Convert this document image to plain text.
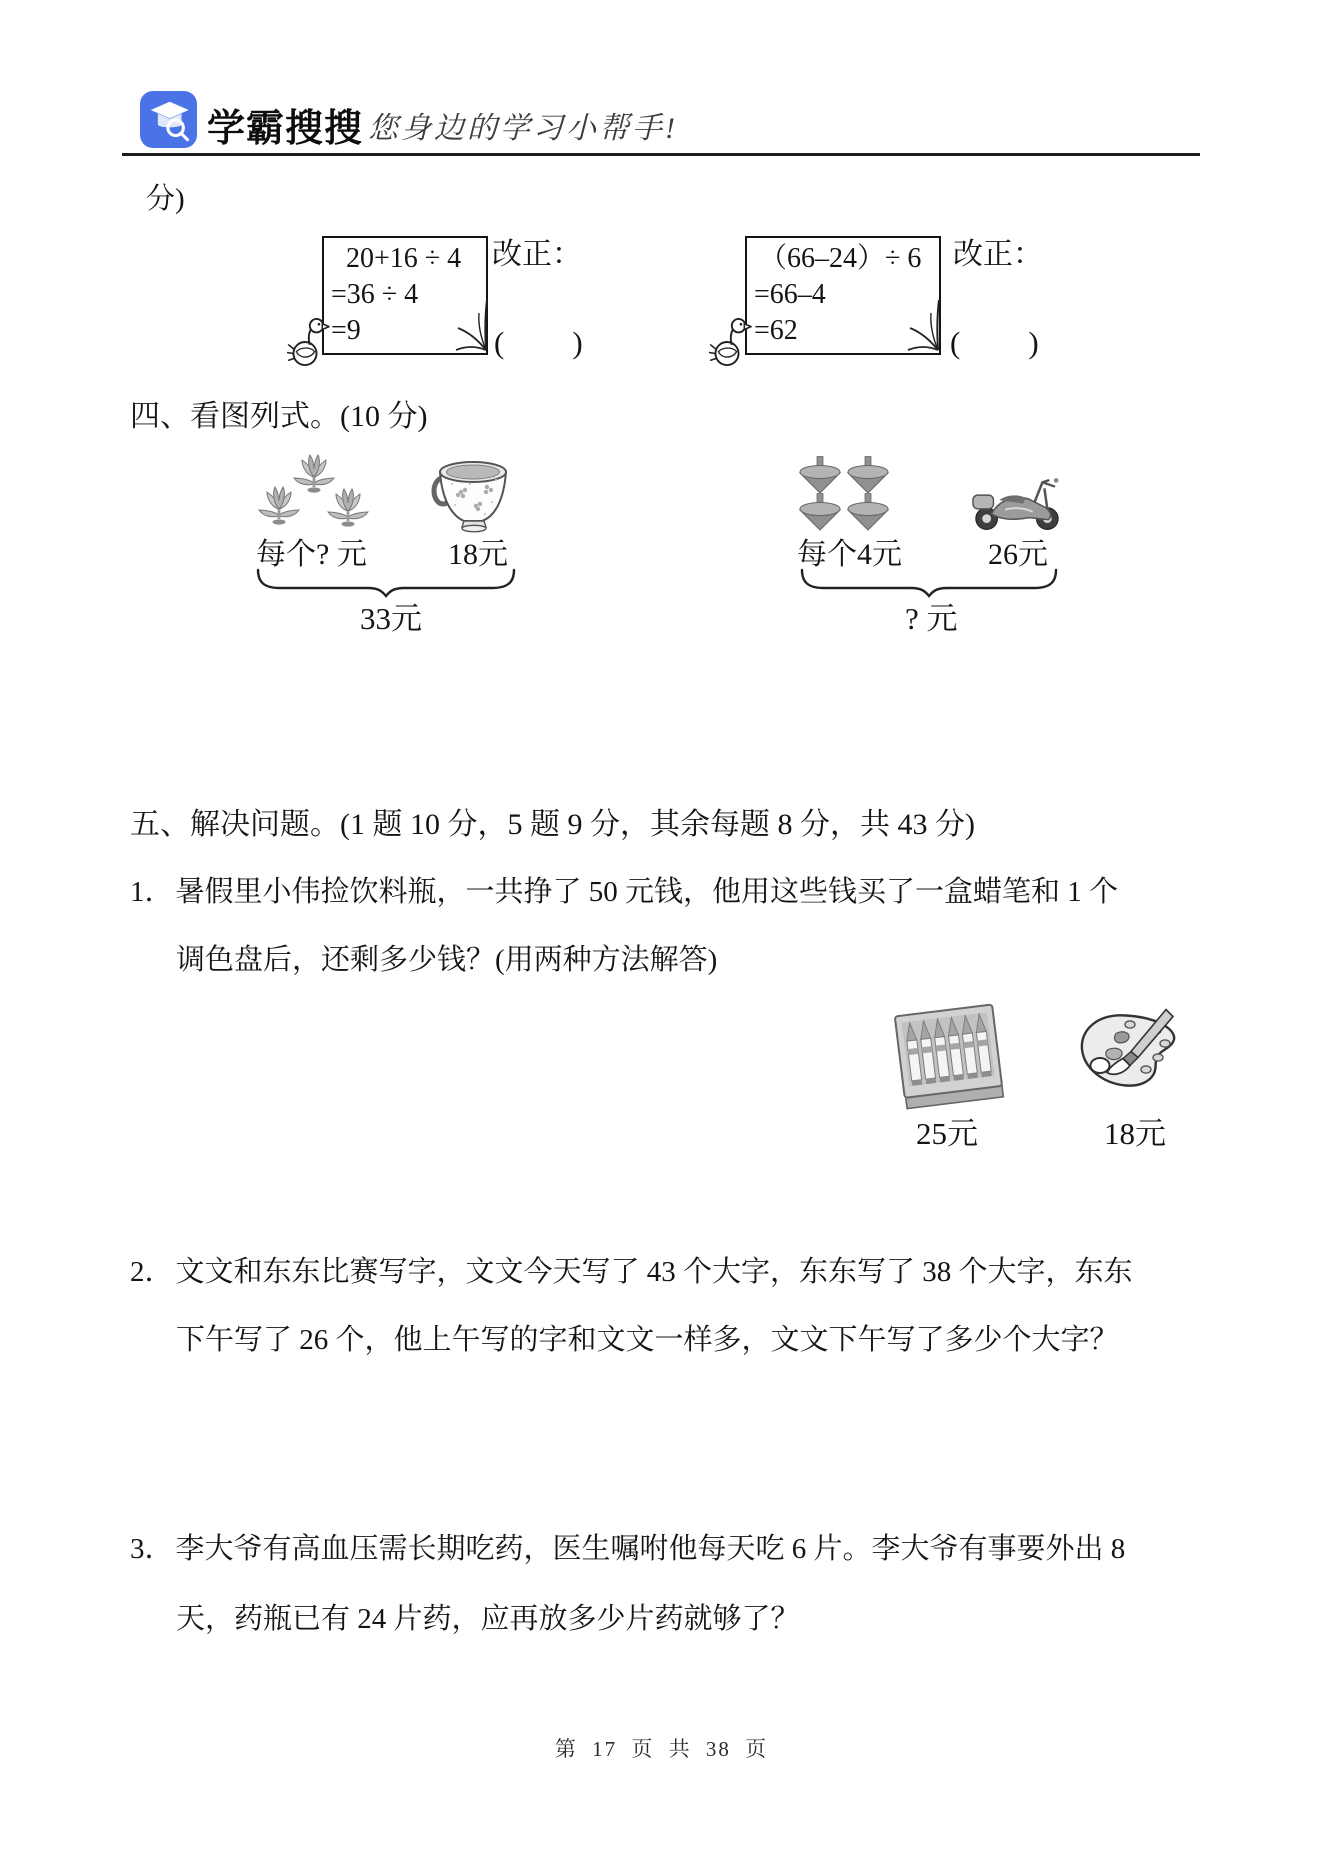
学霸搜搜 您身边的学习小帮手!
分)
20+16 ÷ 4
=36 ÷ 4
=9
改正：
(　　)
（66–24）÷ 6
=66–4
=62
改正：
(　　)
四、看图列式。(10 分)
每个? 元	18元
33元
每个4元	26元
? 元
五、解决问题。(1 题 10 分，5 题 9 分，其余每题 8 分，共 43 分)
1．暑假里小伟捡饮料瓶，一共挣了 50 元钱，他用这些钱买了一盒蜡笔和 1 个
调色盘后，还剩多少钱？(用两种方法解答)
25元	18元
2．文文和东东比赛写字，文文今天写了 43 个大字，东东写了 38 个大字，东东
下午写了 26 个，他上午写的字和文文一样多，文文下午写了多少个大字？
3．李大爷有高血压需长期吃药，医生嘱咐他每天吃 6 片。李大爷有事要外出 8
天，药瓶已有 24 片药，应再放多少片药就够了？
第 17 页 共 38 页
